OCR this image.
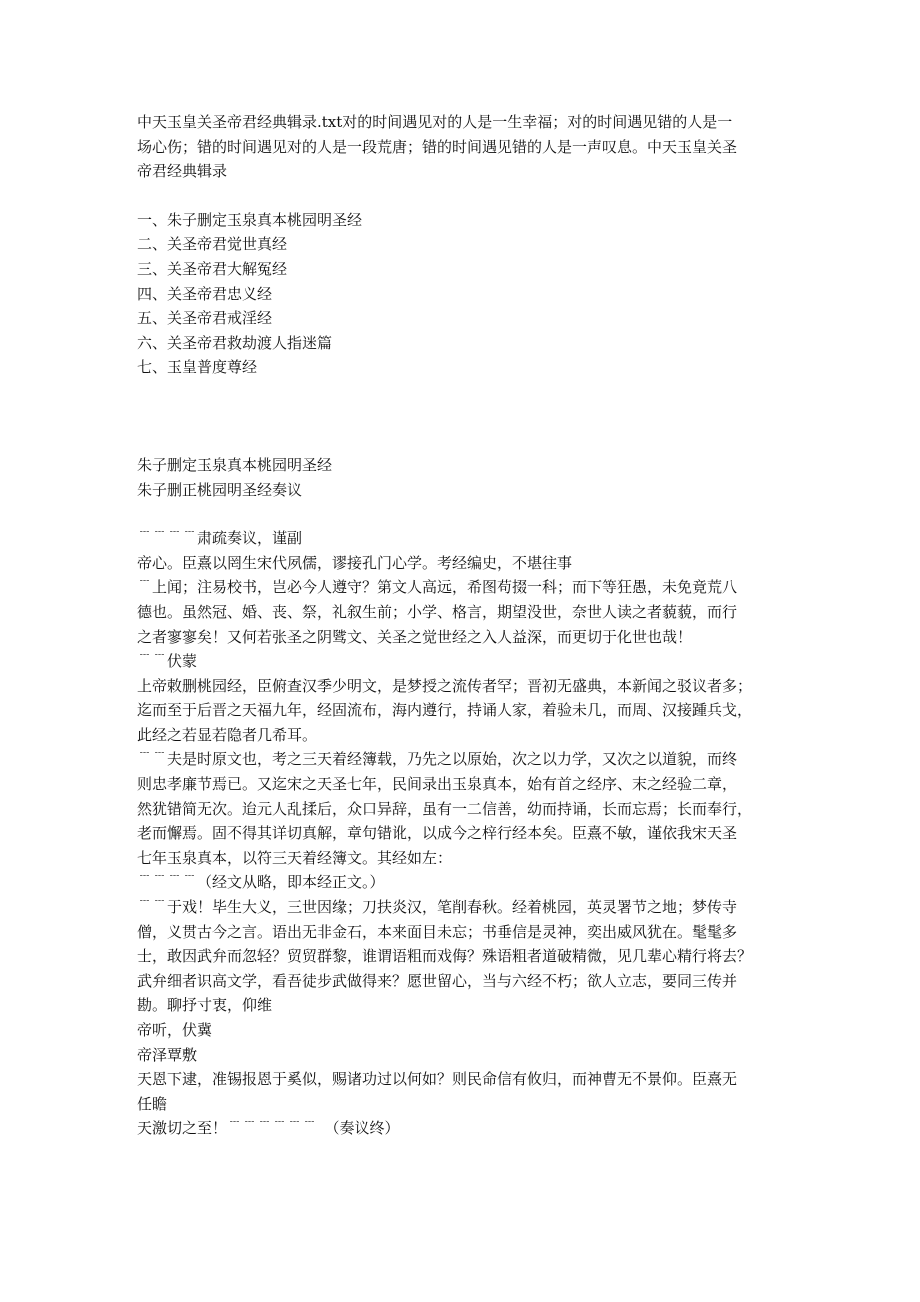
中天玉皇关圣帝君经典辑录.txt对的时间遇见对的人是一生幸福；对的时间遇见错的人是一
场心伤；错的时间遇见对的人是一段荒唐；错的时间遇见错的人是一声叹息。中天玉皇关圣
帝君经典辑录
一、朱子删定玉泉真本桃园明圣经
二、关圣帝君觉世真经
三、关圣帝君大解冤经
四、关圣帝君忠义经
五、关圣帝君戒淫经
六、关圣帝君救劫渡人指迷篇
七、玉皇普度尊经
朱子删定玉泉真本桃园明圣经
朱子删正桃园明圣经奏议
﹉﹉﹉﹉肃疏奏议，谨副
帝心。臣熹以罔生宋代夙儒，谬接孔门心学。考经编史，不堪往事
﹉上闻；注易校书，岂必今人遵守？第文人高远，希图苟掇一科；而下等狂愚，未免竟荒八
德也。虽然冠、婚、丧、祭，礼叙生前；小学、格言，期望没世，奈世人读之者藐藐，而行
之者寥寥矣！又何若张圣之阴骘文、关圣之觉世经之入人益深，而更切于化世也哉！
﹉﹉伏蒙
上帝敕删桃园经，臣俯查汉季少明文，是梦授之流传者罕；晋初无盛典，本新闻之驳议者多；
迄而至于后晋之天福九年，经固流布，海内遵行，持诵人家，着验未几，而周、汉接踵兵戈，
此经之若显若隐者几希耳。
﹉﹉夫是时原文也，考之三天着经簿载，乃先之以原始，次之以力学，又次之以道貌，而终
则忠孝廉节焉已。又迄宋之天圣七年，民间录出玉泉真本，始有首之经序、末之经验二章，
然犹错简无次。迨元人乱揉后，众口异辞，虽有一二信善，幼而持诵，长而忘焉；长而奉行，
老而懈焉。固不得其详切真解，章句错讹，以成今之梓行经本矣。臣熹不敏，谨依我宋天圣
七年玉泉真本，以符三天着经簿文。其经如左：
﹉﹉﹉﹉（经文从略，即本经正文。）
﹉﹉于戏！毕生大义，三世因缘；刀扶炎汉，笔削春秋。经着桃园，英灵署节之地；梦传寺
僧，义贯古今之言。语出无非金石，本来面目未忘；书垂信是灵神，奕出威风犹在。髦髦多
士，敢因武弁而忽轻？贸贸群黎，谁谓语粗而戏侮？殊语粗者道破精微，见几辈心精行将去？
武弁细者识高文学，看吾徒步武做得来？愿世留心，当与六经不朽；欲人立志，要同三传并
勘。聊抒寸衷，仰维
帝听，伏冀
帝泽覃敷
天恩下逮，准锡报恩于奚似，赐诸功过以何如？则民命信有攸归，而神曹无不景仰。臣熹无
任瞻
天激切之至！﹉﹉﹉﹉﹉﹉　（奏议终）
